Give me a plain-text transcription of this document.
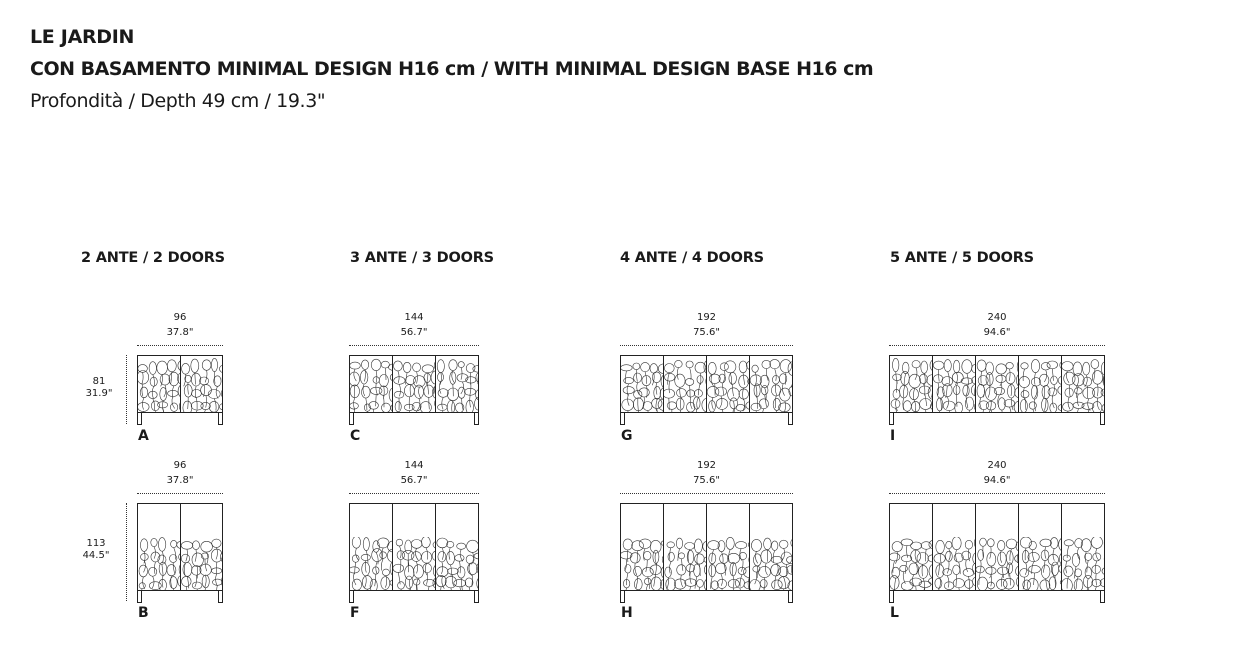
LE JARDIN
CON BASAMENTO MINIMAL DESIGN H16 cm / WITH MINIMAL DESIGN BASE H16 cm
Profondità / Depth 49 cm / 19.3"
2 ANTE / 2 DOORS	3 ANTE / 3 DOORS	4 ANTE / 4 DOORS	5 ANTE / 5 DOORS
81
31.9"
113
44.5"
96
37.8"
A
144
56.7"
C
192
75.6"
G
240
94.6"
I
96
37.8"
B
144
56.7"
F
192
75.6"
H
240
94.6"
L
